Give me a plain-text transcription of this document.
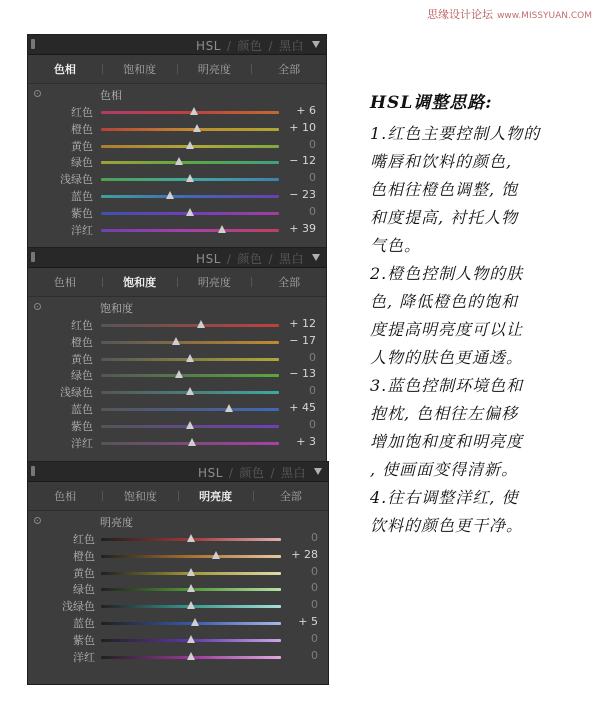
思缘设计论坛 www.MISSYUAN.COM
HSL / 颜色 / 黑白
色相	饱和度	明亮度	全部
色相
红色	+ 6
橙色	+ 10
黄色	0
绿色	− 12
浅绿色	0
蓝色	− 23
紫色	0
洋红	+ 39
HSL / 颜色 / 黑白
色相	饱和度	明亮度	全部
饱和度
红色	+ 12
橙色	− 17
黄色	0
绿色	− 13
浅绿色	0
蓝色	+ 45
紫色	0
洋红	+ 3
HSL / 颜色 / 黑白
色相	饱和度	明亮度	全部
明亮度
红色	0
橙色	+ 28
黄色	0
绿色	0
浅绿色	0
蓝色	+ 5
紫色	0
洋红	0
HSL调整思路:
1.红色主要控制人物的
嘴唇和饮料的颜色,
色相往橙色调整, 饱
和度提高, 衬托人物
气色。
2.橙色控制人物的肤
色, 降低橙色的饱和
度提高明亮度可以让
人物的肤色更通透。
3.蓝色控制环境色和
抱枕, 色相往左偏移
增加饱和度和明亮度
, 使画面变得清新。
4.往右调整洋红, 使
饮料的颜色更干净。
